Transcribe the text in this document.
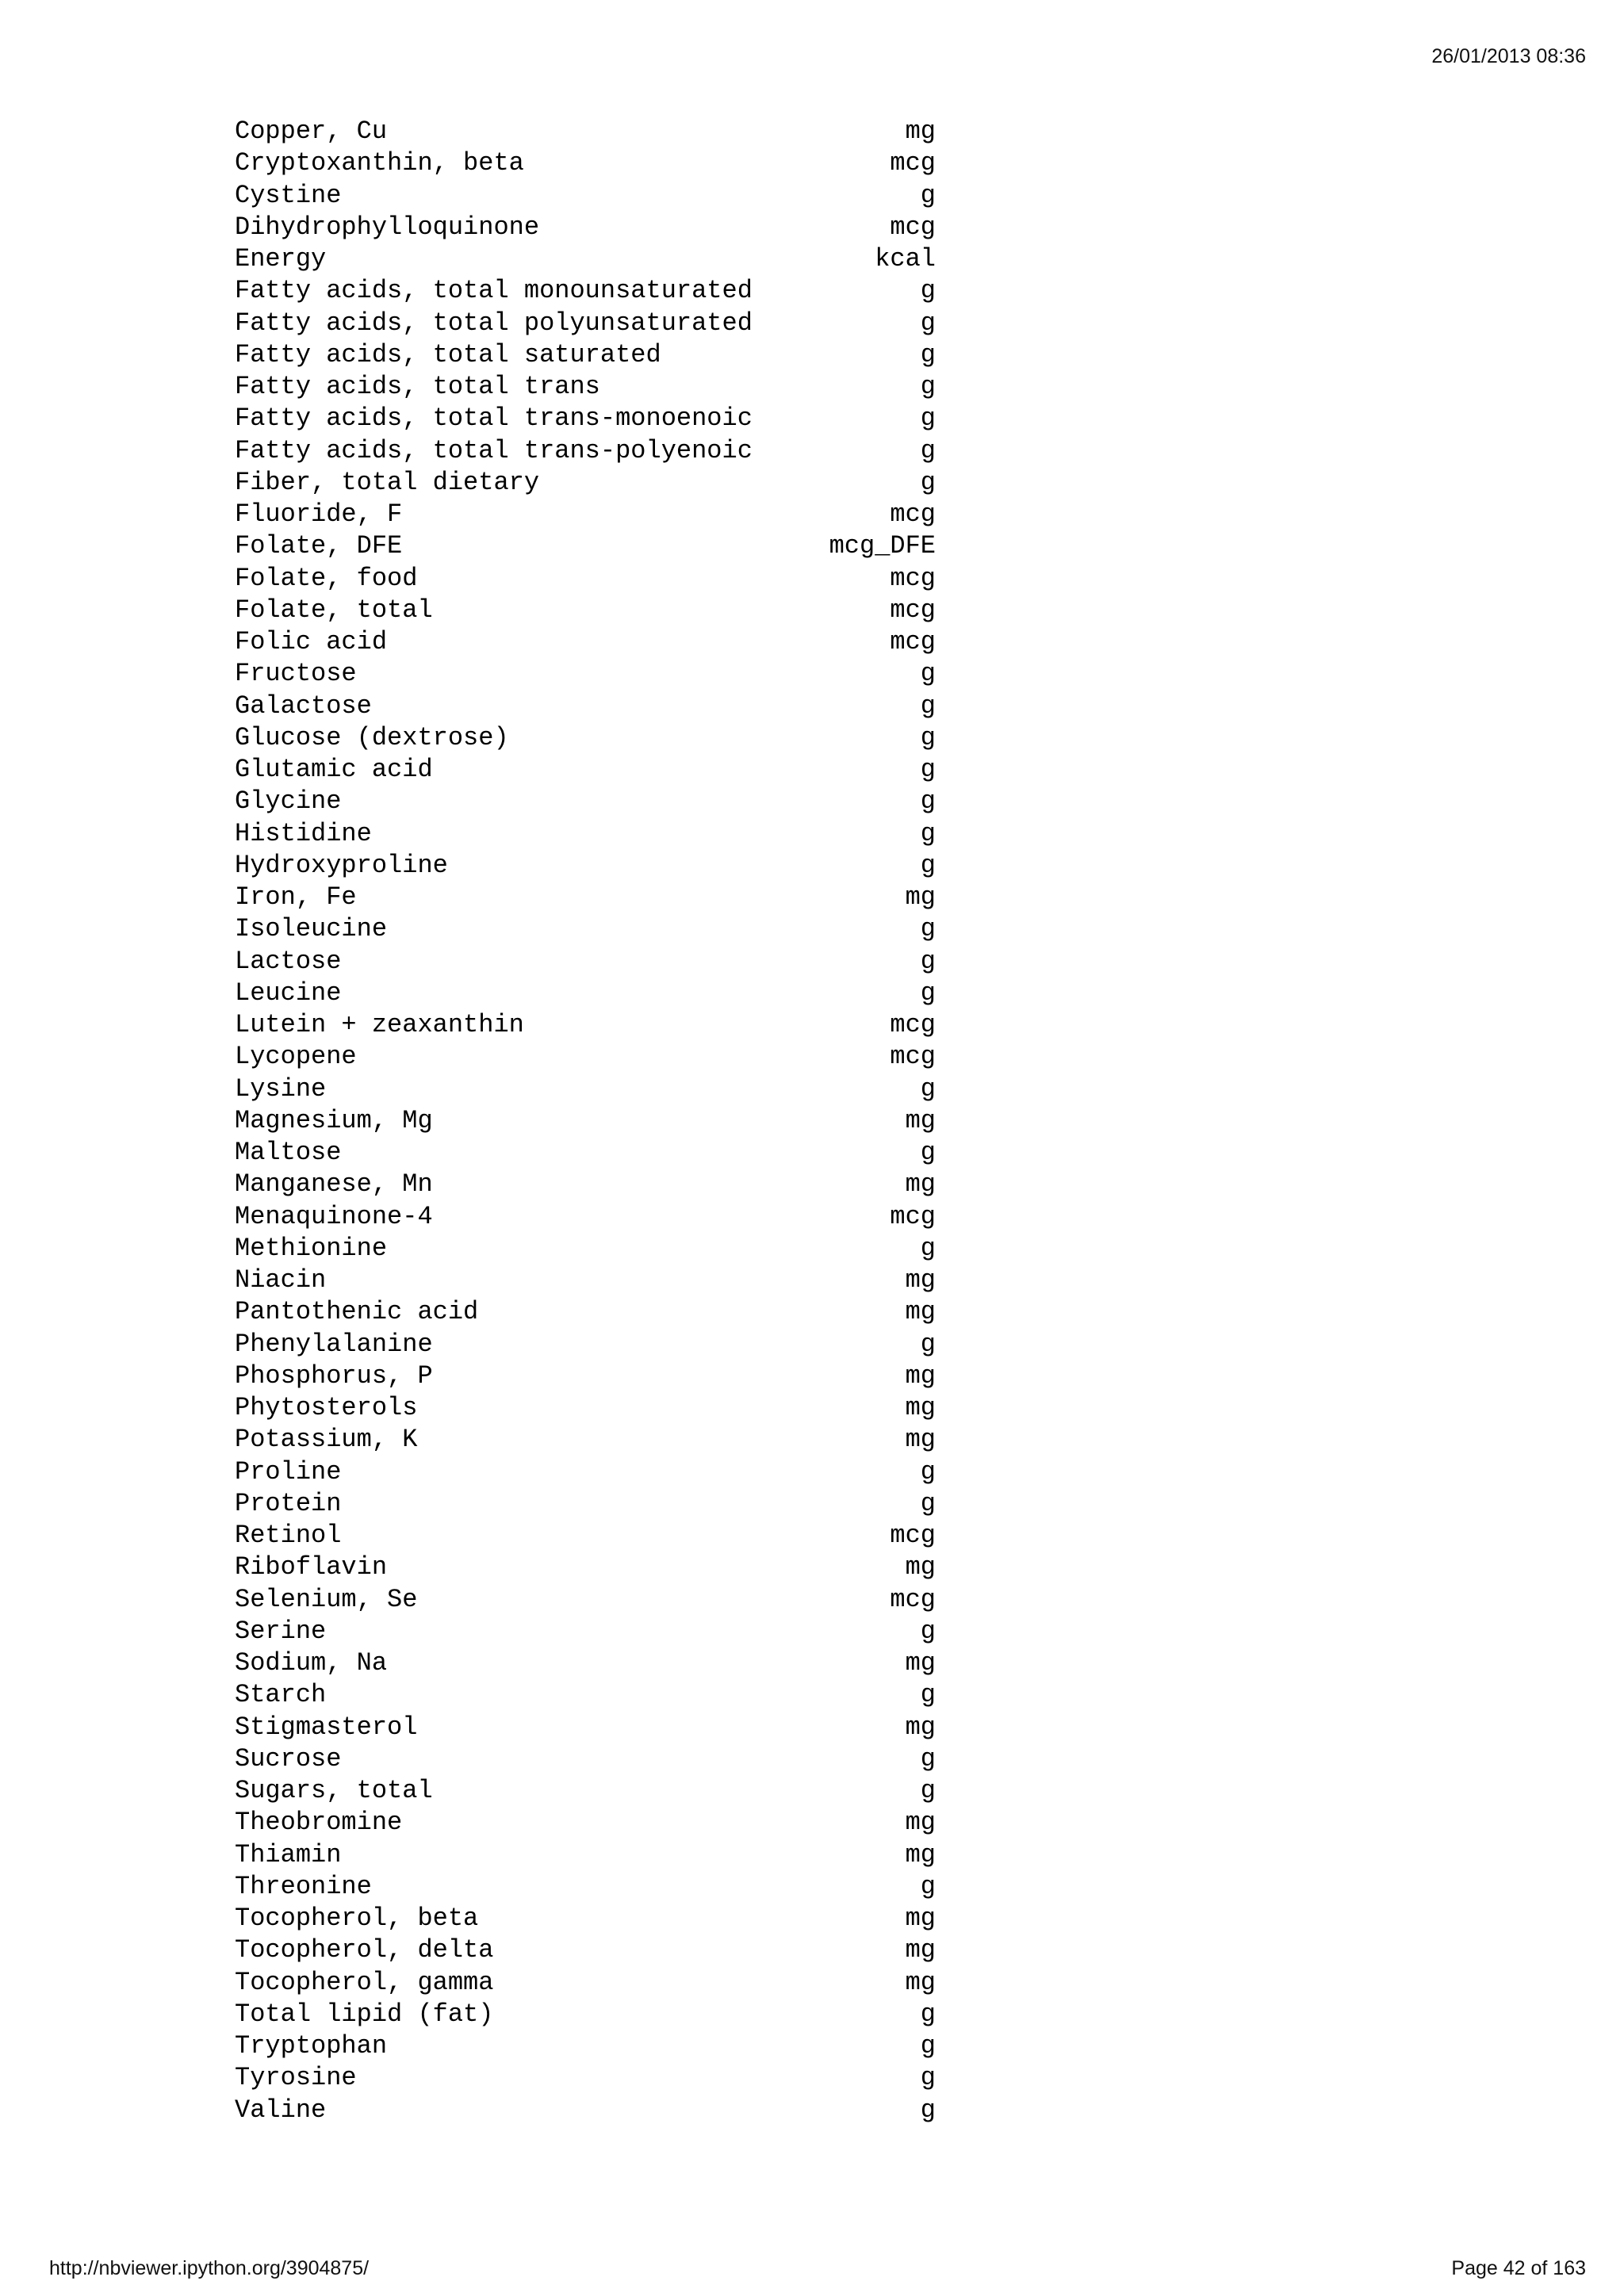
26/01/2013 08:36
Copper, Cu	mg
Cryptoxanthin, beta	mcg
Cystine	g
Dihydrophylloquinone	mcg
Energy	kcal
Fatty acids, total monounsaturated	g
Fatty acids, total polyunsaturated	g
Fatty acids, total saturated	g
Fatty acids, total trans	g
Fatty acids, total trans-monoenoic	g
Fatty acids, total trans-polyenoic	g
Fiber, total dietary	g
Fluoride, F	mcg
Folate, DFE	mcg_DFE
Folate, food	mcg
Folate, total	mcg
Folic acid	mcg
Fructose	g
Galactose	g
Glucose (dextrose)	g
Glutamic acid	g
Glycine	g
Histidine	g
Hydroxyproline	g
Iron, Fe	mg
Isoleucine	g
Lactose	g
Leucine	g
Lutein + zeaxanthin	mcg
Lycopene	mcg
Lysine	g
Magnesium, Mg	mg
Maltose	g
Manganese, Mn	mg
Menaquinone-4	mcg
Methionine	g
Niacin	mg
Pantothenic acid	mg
Phenylalanine	g
Phosphorus, P	mg
Phytosterols	mg
Potassium, K	mg
Proline	g
Protein	g
Retinol	mcg
Riboflavin	mg
Selenium, Se	mcg
Serine	g
Sodium, Na	mg
Starch	g
Stigmasterol	mg
Sucrose	g
Sugars, total	g
Theobromine	mg
Thiamin	mg
Threonine	g
Tocopherol, beta	mg
Tocopherol, delta	mg
Tocopherol, gamma	mg
Total lipid (fat)	g
Tryptophan	g
Tyrosine	g
Valine	g
http://nbviewer.ipython.org/3904875/	Page 42 of 163
